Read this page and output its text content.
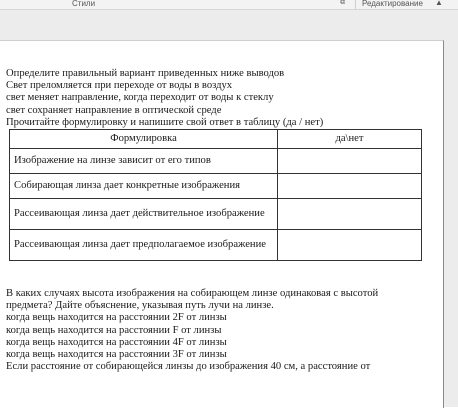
Стили	⧉ Редактирование ▲
Определите правильный вариант приведенных ниже выводов
Свет преломляется при переходе от воды в воздух
свет меняет направление, когда переходит от воды к стеклу
свет сохраняет направление в оптической среде
Прочитайте формулировку и напишите свой ответ в таблицу (да / нет)
Формулировка	да\нет
Изображение на линзе зависит от его типов	
Собирающая линза дает конкретные изображения	
Рассеивающая линза дает действительное изображение	
Рассеивающая линза дает предполагаемое изображение	
В каких случаях высота изображения на собирающем линзе одинаковая с высотой
предмета? Дайте объяснение, указывая путь лучи на линзе.
когда вещь находится на расстоянии 2F от линзы
когда вещь находится на расстоянии F от линзы
когда вещь находится на расстоянии 4F от линзы
когда вещь находится на расстоянии 3F от линзы
Если расстояние от собирающейся линзы до изображения 40 см, а расстояние от
